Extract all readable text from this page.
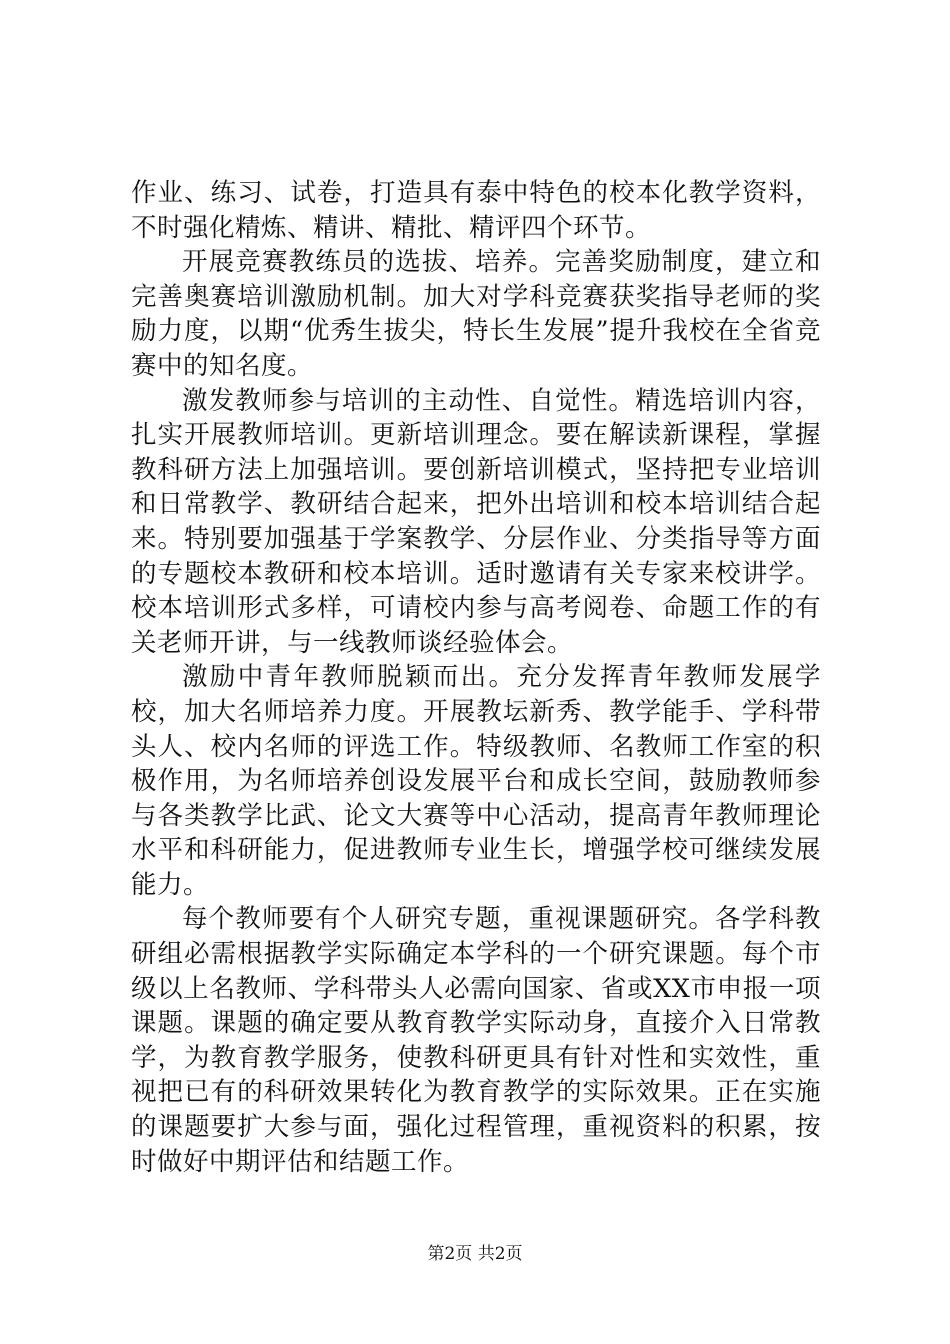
作业、练习、试卷，打造具有泰中特色的校本化教学资料，不时强化精炼、精讲、精批、精评四个环节。

开展竞赛教练员的选拔、培养。完善奖励制度，建立和完善奥赛培训激励机制。加大对学科竞赛获奖指导老师的奖励力度，以期“优秀生拔尖，特长生发展”提升我校在全省竞赛中的知名度。

激发教师参与培训的主动性、自觉性。精选培训内容，扎实开展教师培训。更新培训理念。要在解读新课程，掌握教科研方法上加强培训。要创新培训模式，坚持把专业培训和日常教学、教研结合起来，把外出培训和校本培训结合起来。特别要加强基于学案教学、分层作业、分类指导等方面的专题校本教研和校本培训。适时邀请有关专家来校讲学。校本培训形式多样，可请校内参与高考阅卷、命题工作的有关老师开讲，与一线教师谈经验体会。

激励中青年教师脱颖而出。充分发挥青年教师发展学校，加大名师培养力度。开展教坛新秀、教学能手、学科带头人、校内名师的评选工作。特级教师、名教师工作室的积极作用，为名师培养创设发展平台和成长空间，鼓励教师参与各类教学比武、论文大赛等中心活动，提高青年教师理论水平和科研能力，促进教师专业生长，增强学校可继续发展能力。

每个教师要有个人研究专题，重视课题研究。各学科教研组必需根据教学实际确定本学科的一个研究课题。每个市级以上名教师、学科带头人必需向国家、省或XX市申报一项课题。课题的确定要从教育教学实际动身，直接介入日常教学，为教育教学服务，使教科研更具有针对性和实效性，重视把已有的科研效果转化为教育教学的实际效果。正在实施的课题要扩大参与面，强化过程管理，重视资料的积累，按时做好中期评估和结题工作。

第2页 共2页
